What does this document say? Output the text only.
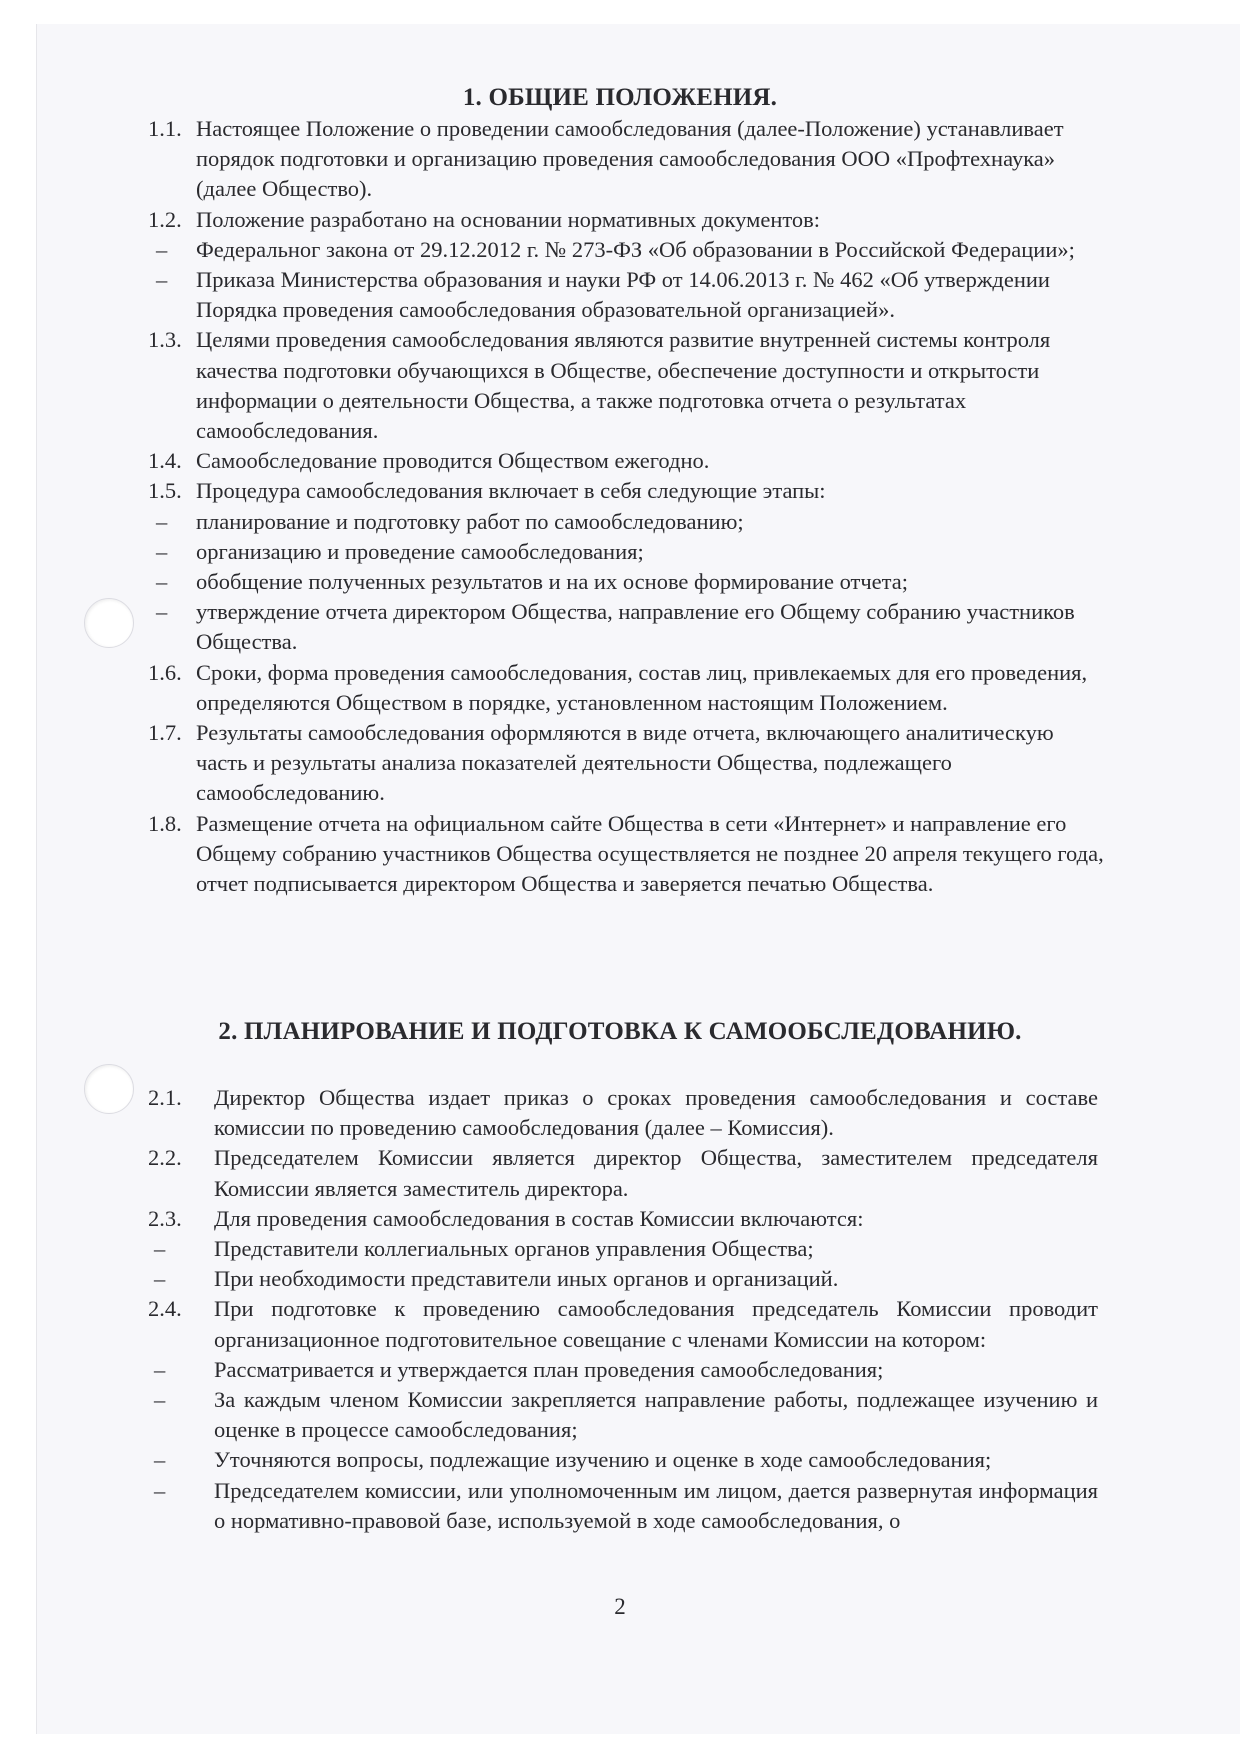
1. ОБЩИЕ ПОЛОЖЕНИЯ.
1.1. Настоящее Положение о проведении самообследования (далее-Положение) устанавливает порядок подготовки и организацию проведения самообследования ООО «Профтехнаука» (далее Общество).
1.2. Положение разработано на основании нормативных документов:
– Федеральног закона от 29.12.2012 г. № 273-ФЗ «Об образовании в Российской Федерации»;
– Приказа Министерства образования и науки РФ от 14.06.2013 г. № 462 «Об утверждении Порядка проведения самообследования образовательной организацией».
1.3. Целями проведения самообследования являются развитие внутренней системы контроля качества подготовки обучающихся в Обществе, обеспечение доступности и открытости информации о деятельности Общества, а также подготовка отчета о результатах самообследования.
1.4. Самообследование проводится Обществом ежегодно.
1.5. Процедура самообследования включает в себя следующие этапы:
– планирование и подготовку работ по самообследованию;
– организацию и проведение самообследования;
– обобщение полученных результатов и на их основе формирование отчета;
– утверждение отчета директором Общества, направление его Общему собранию участников Общества.
1.6. Сроки, форма проведения самообследования, состав лиц, привлекаемых для его проведения, определяются Обществом в порядке, установленном настоящим Положением.
1.7. Результаты самообследования оформляются в виде отчета, включающего аналитическую часть и результаты анализа показателей деятельности Общества, подлежащего самообследованию.
1.8. Размещение отчета на официальном сайте Общества в сети «Интернет» и направление его Общему собранию участников Общества осуществляется не позднее 20 апреля текущего года, отчет подписывается директором Общества и заверяется печатью Общества.
2. ПЛАНИРОВАНИЕ И ПОДГОТОВКА К САМООБСЛЕДОВАНИЮ.
2.1. Директор Общества издает приказ о сроках проведения самообследования и составе комиссии по проведению самообследования (далее – Комиссия).
2.2. Председателем Комиссии является директор Общества, заместителем председателя Комиссии является заместитель директора.
2.3. Для проведения самообследования в состав Комиссии включаются:
– Представители коллегиальных органов управления Общества;
– При необходимости представители иных органов и организаций.
2.4. При подготовке к проведению самообследования председатель Комиссии проводит организационное подготовительное совещание с членами Комиссии на котором:
– Рассматривается и утверждается план проведения самообследования;
– За каждым членом Комиссии закрепляется направление работы, подлежащее изучению и оценке в процессе самообследования;
– Уточняются вопросы, подлежащие изучению и оценке в ходе самообследования;
– Председателем комиссии, или уполномоченным им лицом, дается развернутая информация о нормативно-правовой базе, используемой в ходе самообследования, о
2
